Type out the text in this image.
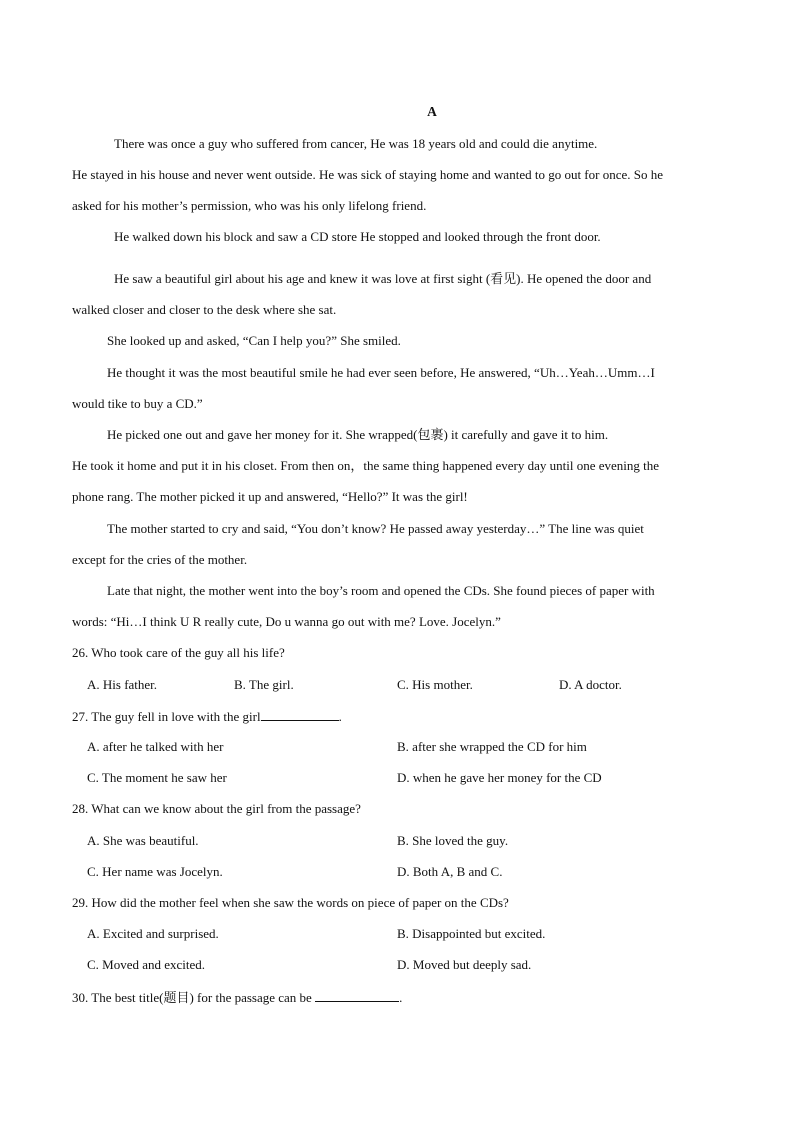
A
There was once a guy who suffered from cancer, He was 18 years old and could die anytime.
He stayed in his house and never went outside. He was sick of staying home and wanted to go out for once. So he
asked for his mother’s permission, who was his only lifelong friend.
He walked down his block and saw a CD store He stopped and looked through the front door.
He saw a beautiful girl about his age and knew it was love at first sight (看见). He opened the door and
walked closer and closer to the desk where she sat.
She looked up and asked, “Can I help you?” She smiled.
He thought it was the most beautiful smile he had ever seen before, He answered, “Uh…Yeah…Umm…I
would tike to buy a CD.”
He picked one out and gave her money for it. She wrapped(包裹) it carefully and gave it to him.
He took it home and put it in his closet. From then on，the same thing happened every day until one evening the
phone rang. The mother picked it up and answered, “Hello?” It was the girl!
The mother started to cry and said, “You don’t know? He passed away yesterday…” The line was quiet
except for the cries of the mother.
Late that night, the mother went into the boy’s room and opened the CDs. She found pieces of paper with
words: “Hi…I think U R really cute, Do u wanna go out with me? Love. Jocelyn.”
26. Who took care of the guy all his life?
A. His father.	B. The girl.	C. His mother.	D. A doctor.
27. The guy fell in love with the girl	.
A. after he talked with her	B. after she wrapped the CD for him
C. The moment he saw her	D. when he gave her money for the CD
28. What can we know about the girl from the passage?
A. She was beautiful.	B. She loved the guy.
C. Her name was Jocelyn.	D. Both A, B and C.
29. How did the mother feel when she saw the words on piece of paper on the CDs?
A. Excited and surprised.	B. Disappointed but excited.
C. Moved and excited.	D. Moved but deeply sad.
30. The best title(题目) for the passage can be	.
